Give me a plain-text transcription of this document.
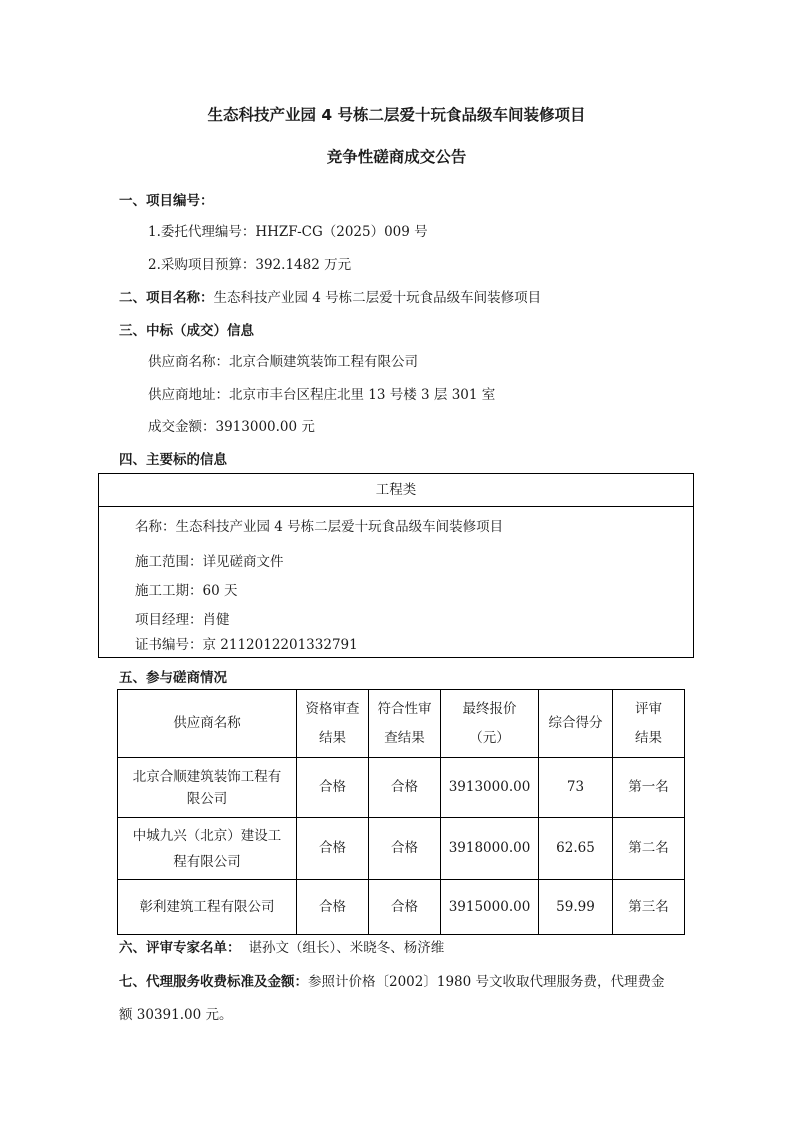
生态科技产业园 4 号栋二层爱十玩食品级车间装修项目
竞争性磋商成交公告
一、项目编号：
1.委托代理编号：HHZF-CG（2025）009 号
2.采购项目预算：392.1482 万元
二、项目名称：生态科技产业园 4 号栋二层爱十玩食品级车间装修项目
三、中标（成交）信息
供应商名称：北京合顺建筑装饰工程有限公司
供应商地址：北京市丰台区程庄北里 13 号楼 3 层 301 室
成交金额：3913000.00 元
四、主要标的信息
工程类
名称：生态科技产业园 4 号栋二层爱十玩食品级车间装修项目
施工范围：详见磋商文件
施工工期：60 天
项目经理：肖健
证书编号：京 2112012201332791
五、参与磋商情况
供应商名称	资格审查结果	符合性审查结果	最终报价（元）	综合得分	评审结果

北京合顺建筑装饰工程有限公司	合格	合格	3913000.00	73	第一名

中城九兴（北京）建设工程有限公司	合格	合格	3918000.00	62.65	第二名
彰利建筑工程有限公司	合格	合格	3915000.00	59.99	第三名
六、评审专家名单： 谌孙文（组长）、米晓冬、杨济维
七、代理服务收费标准及金额：参照计价格〔2002〕1980 号文收取代理服务费，代理费金
额 30391.00 元。
